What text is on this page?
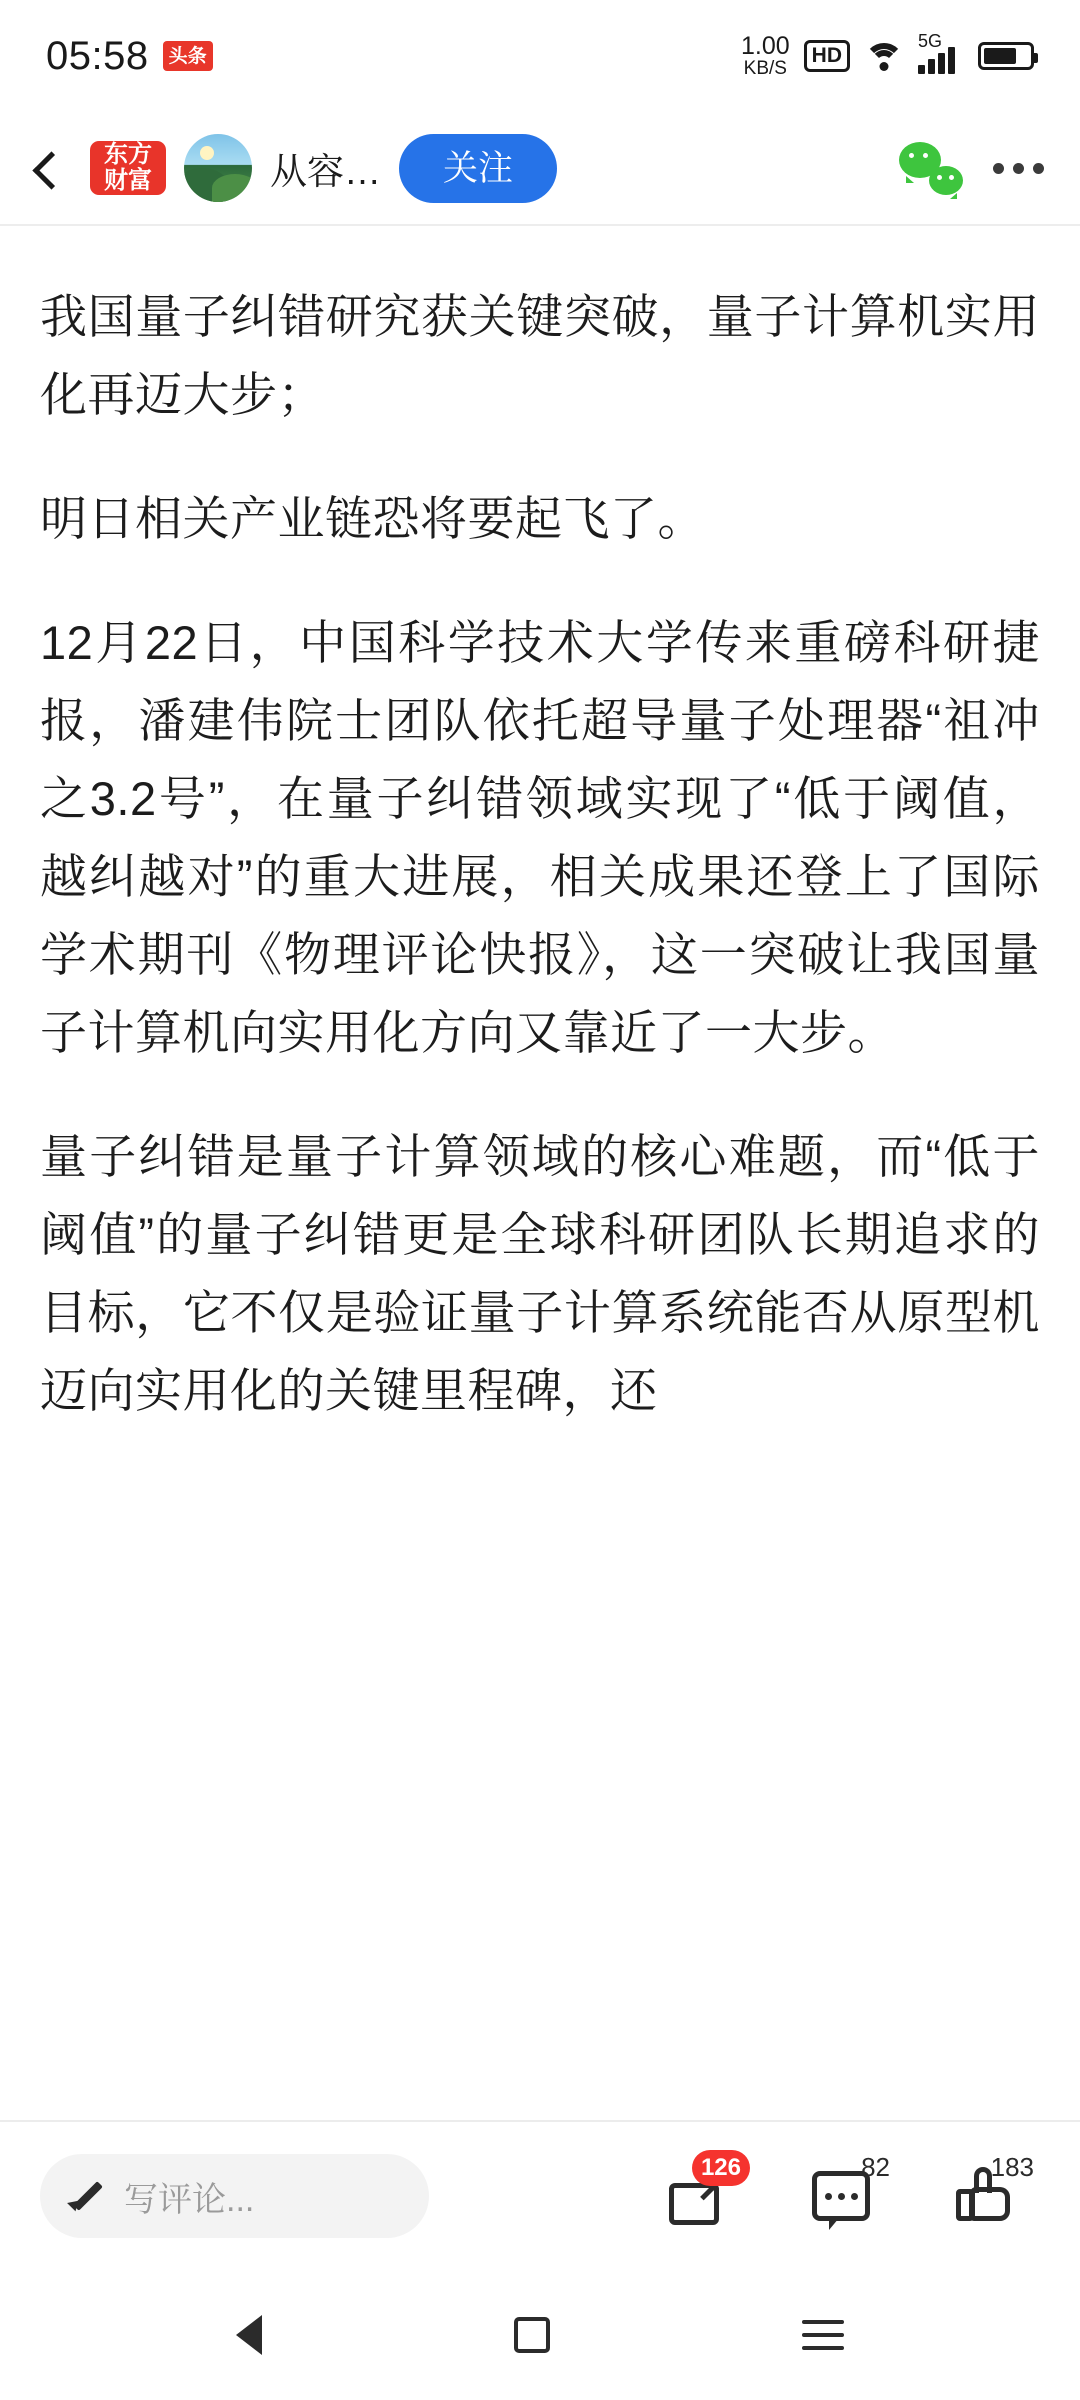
05:58	头条	1.00
KB/S
HD
5G
东方
财富	从容…	关注

我国量子纠错研究获关键突破，量子计算机实用化再迈大步；

明日相关产业链恐将要起飞了。

12月22日，中国科学技术大学传来重磅科研捷报，潘建伟院士团队依托超导量子处理器“祖冲之3.2号”，在量子纠错领域实现了“低于阈值，越纠越对”的重大进展，相关成果还登上了国际学术期刊《物理评论快报》，这一突破让我国量子计算机向实用化方向又靠近了一大步。

量子纠错是量子计算领域的核心难题，而“低于阈值”的量子纠错更是全球科研团队长期追求的目标，它不仅是验证量子计算系统能否从原型机迈向实用化的关键里程碑，还

写评论...
126	82	183
